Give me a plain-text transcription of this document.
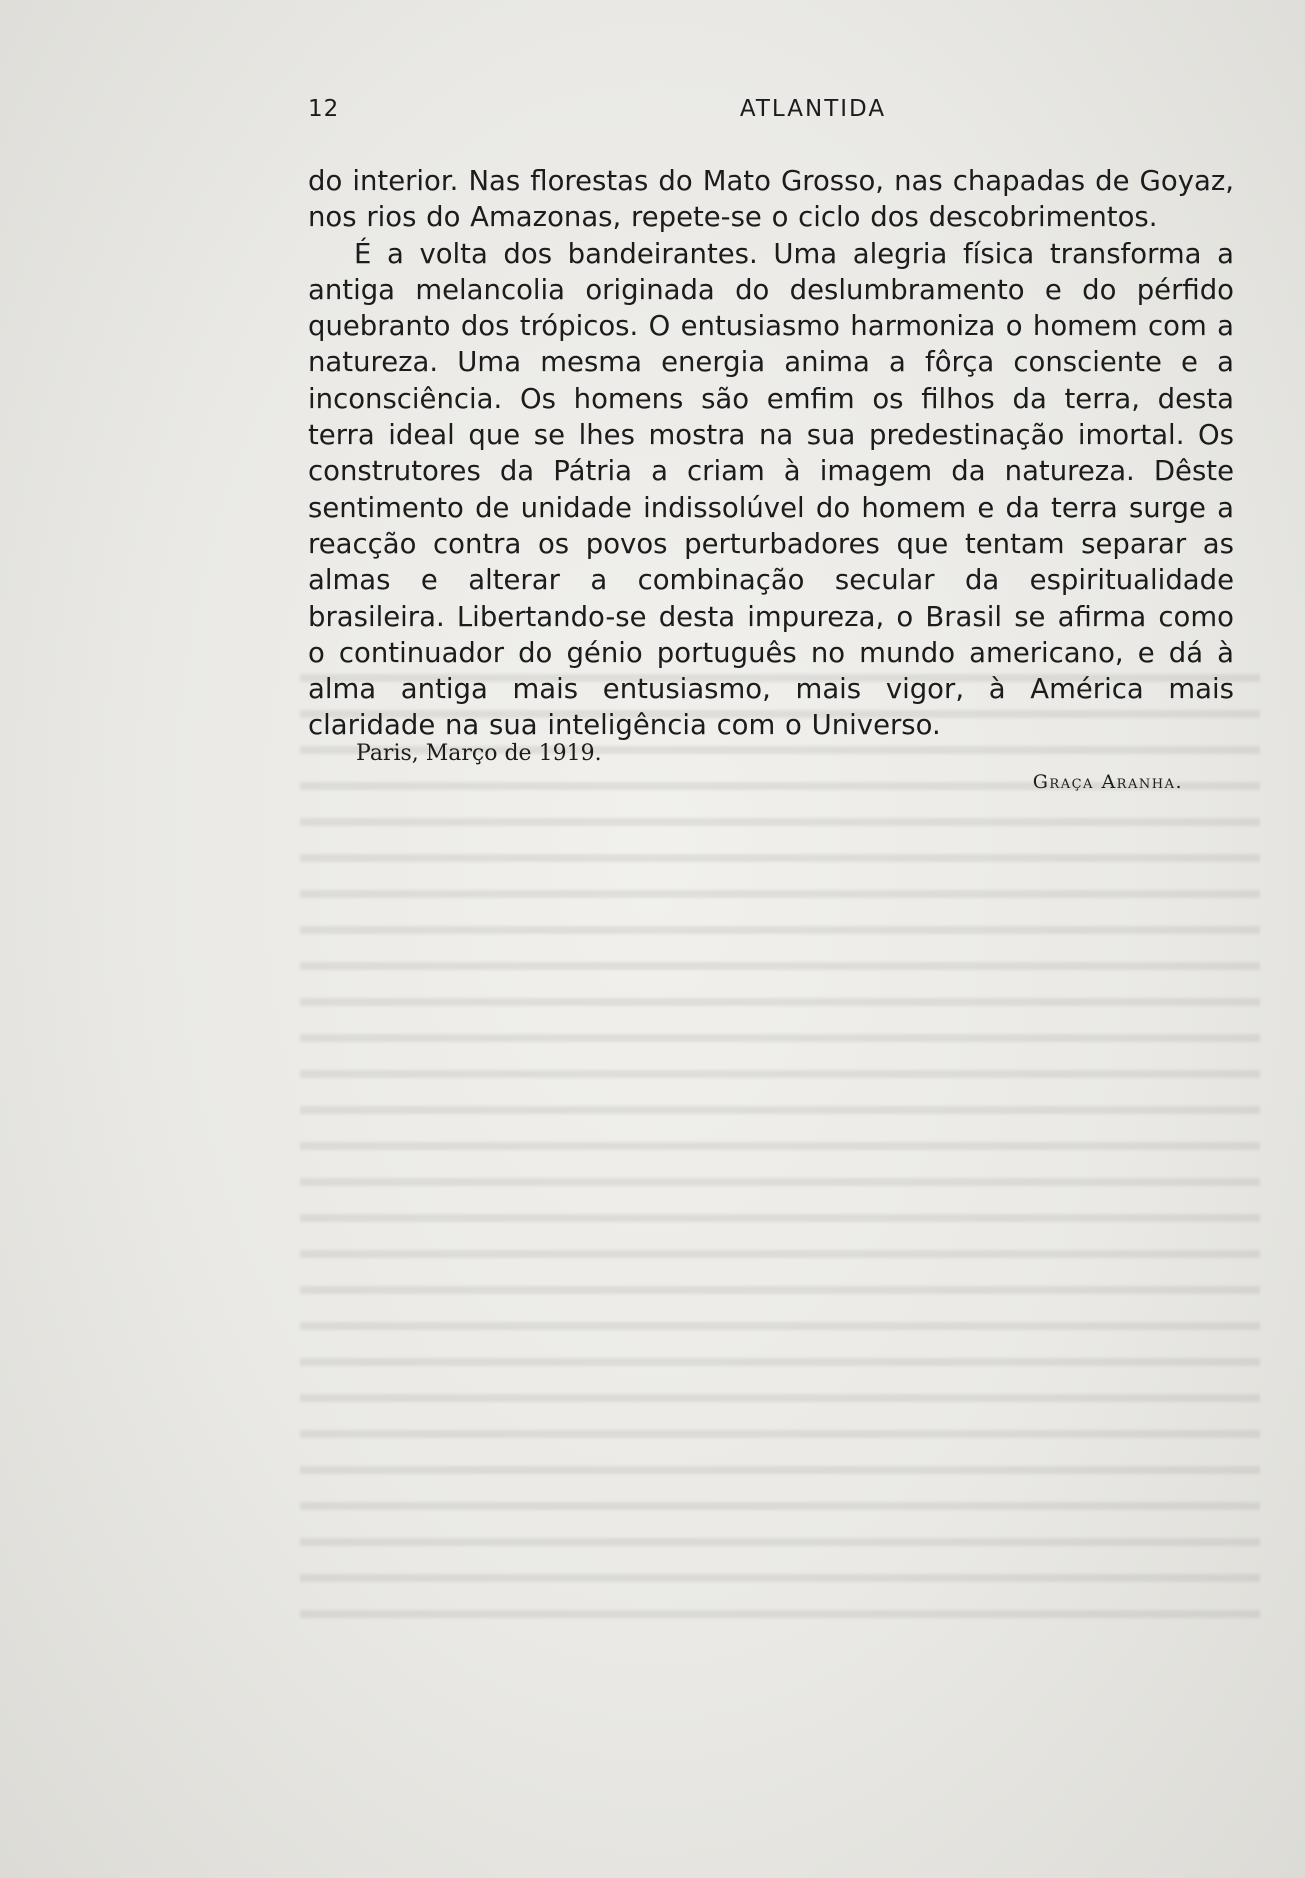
12	ATLANTIDA

do interior. Nas florestas do Mato Grosso, nas chapadas de Goyaz, nos rios do Amazonas, repete-se o ciclo dos descobrimentos.
É a volta dos bandeirantes. Uma alegria física transforma a antiga melancolia originada do deslumbramento e do pérfido quebranto dos trópicos. O entusiasmo harmoniza o homem com a natureza. Uma mesma energia anima a fôrça consciente e a inconsciência. Os homens são emfim os filhos da terra, desta terra ideal que se lhes mostra na sua predestinação imortal. Os construtores da Pátria a criam à imagem da natureza. Dêste sentimento de unidade indissolúvel do homem e da terra surge a reacção contra os povos perturbadores que tentam separar as almas e alterar a combinação secular da espiritualidade brasileira. Libertando-se desta impureza, o Brasil se afirma como o continuador do génio português no mundo americano, e dá à alma antiga mais entusiasmo, mais vigor, à América mais claridade na sua inteligência com o Universo.

Paris, Março de 1919.
Graça Aranha.
